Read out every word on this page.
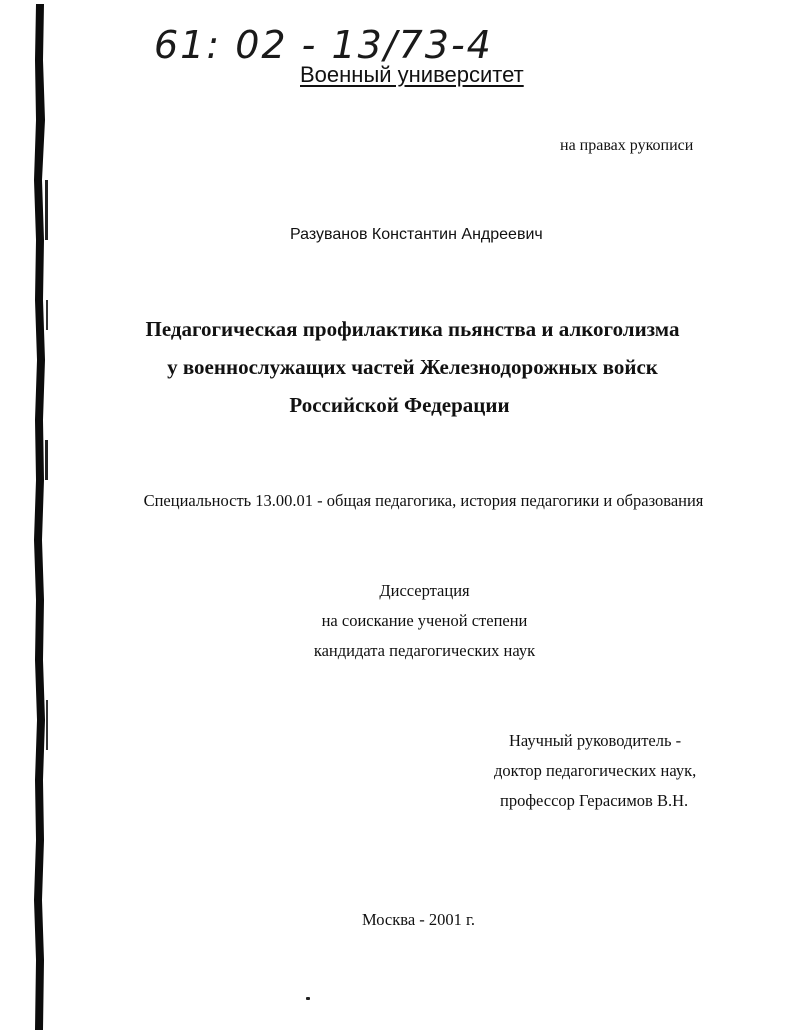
61: 02 - 13/73-4
Военный университет
на правах рукописи
Разуванов Константин Андреевич
Педагогическая профилактика пьянства и алкоголизма
у военнослужащих частей Железнодорожных войск
Российской Федерации
Специальность 13.00.01 - общая педагогика, история педагогики и образования
Диссертация
на соискание ученой степени
кандидата педагогических наук
Научный руководитель -
доктор педагогических наук,
профессор Герасимов В.Н.
Москва - 2001 г.
